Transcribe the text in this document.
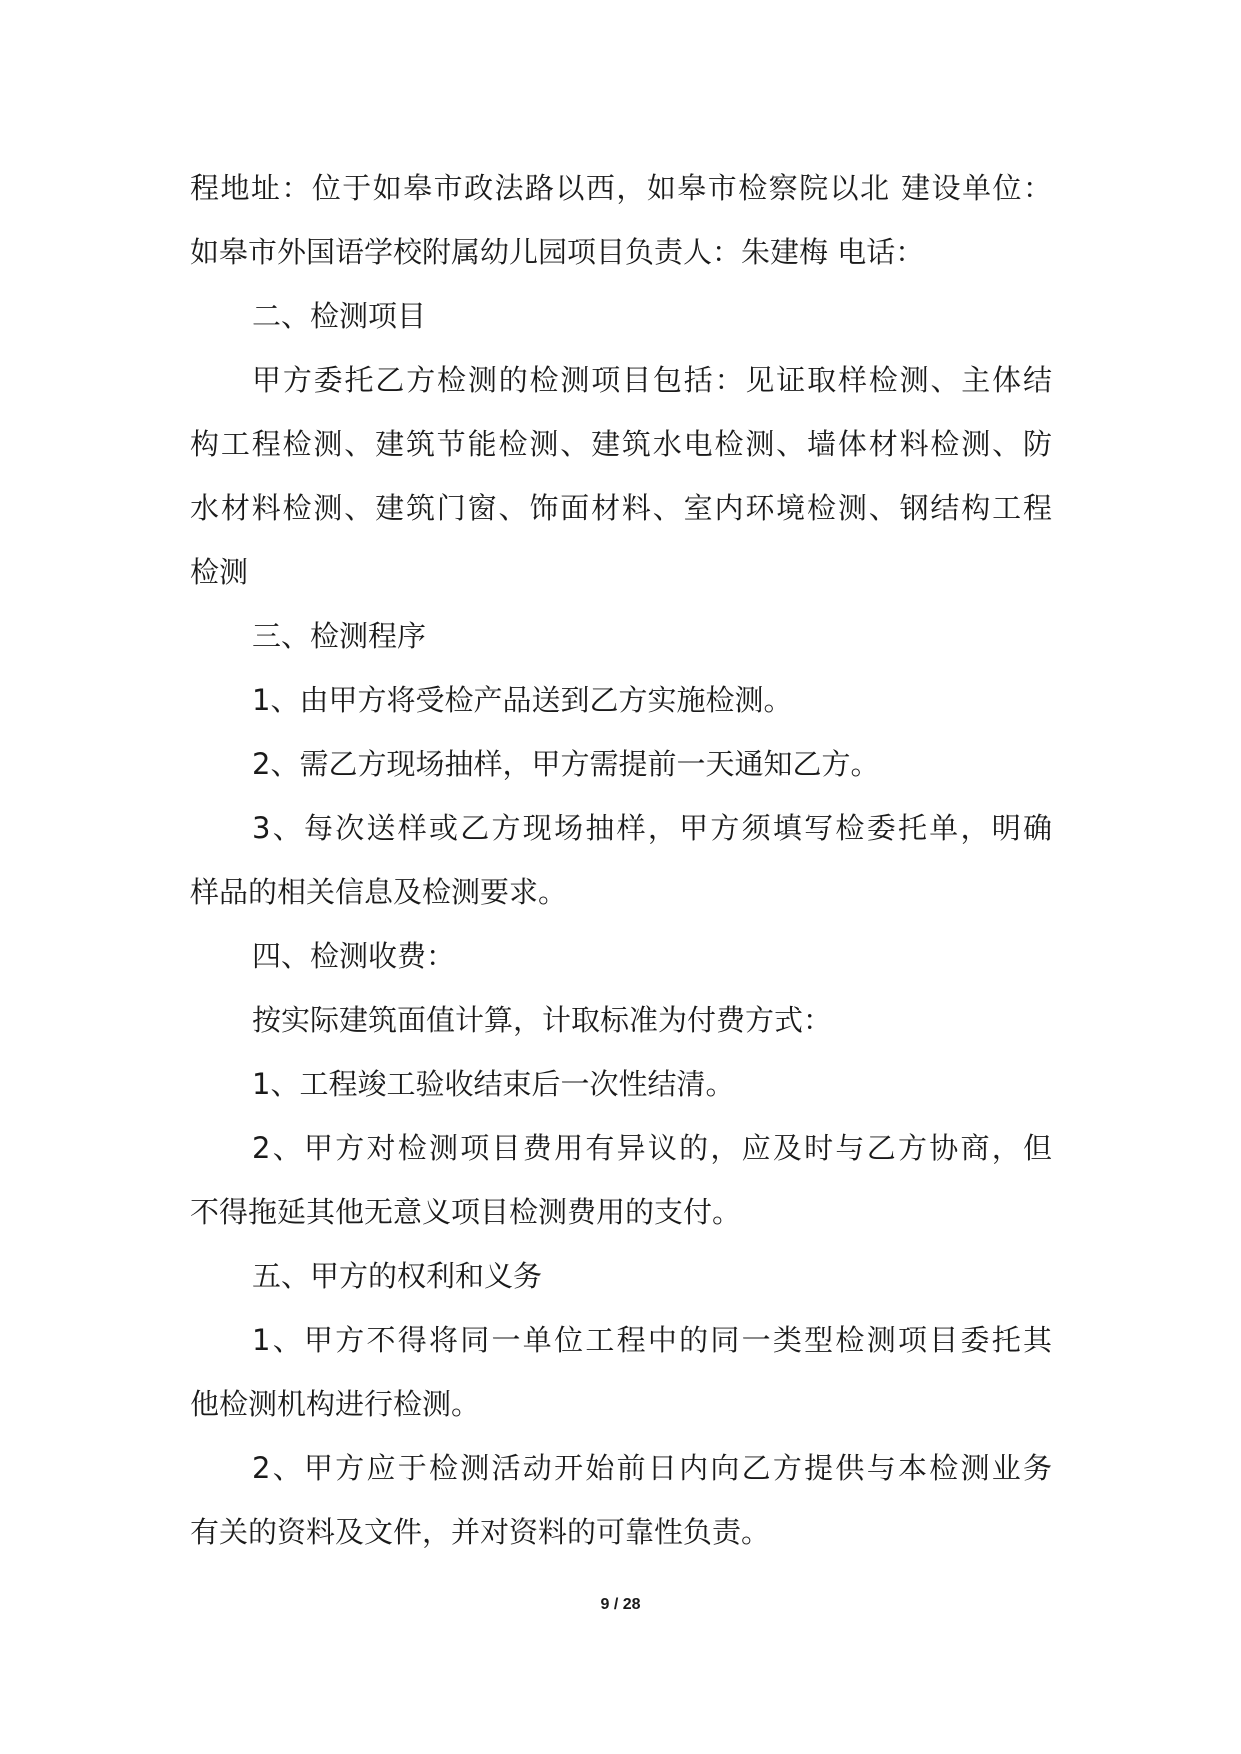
程地址：位于如皋市政法路以西，如皋市检察院以北 建设单位：
如皋市外国语学校附属幼儿园项目负责人：朱建梅 电话：
二、检测项目
甲方委托乙方检测的检测项目包括：见证取样检测、主体结
构工程检测、建筑节能检测、建筑水电检测、墙体材料检测、防
水材料检测、建筑门窗、饰面材料、室内环境检测、钢结构工程
检测
三、检测程序
1、由甲方将受检产品送到乙方实施检测。
2、需乙方现场抽样，甲方需提前一天通知乙方。
3、每次送样或乙方现场抽样，甲方须填写检委托单，明确
样品的相关信息及检测要求。
四、检测收费：
按实际建筑面值计算，计取标准为付费方式：
1、工程竣工验收结束后一次性结清。
2、甲方对检测项目费用有异议的，应及时与乙方协商，但
不得拖延其他无意义项目检测费用的支付。
五、甲方的权利和义务
1、甲方不得将同一单位工程中的同一类型检测项目委托其
他检测机构进行检测。
2、甲方应于检测活动开始前日内向乙方提供与本检测业务
有关的资料及文件，并对资料的可靠性负责。
9 / 28
